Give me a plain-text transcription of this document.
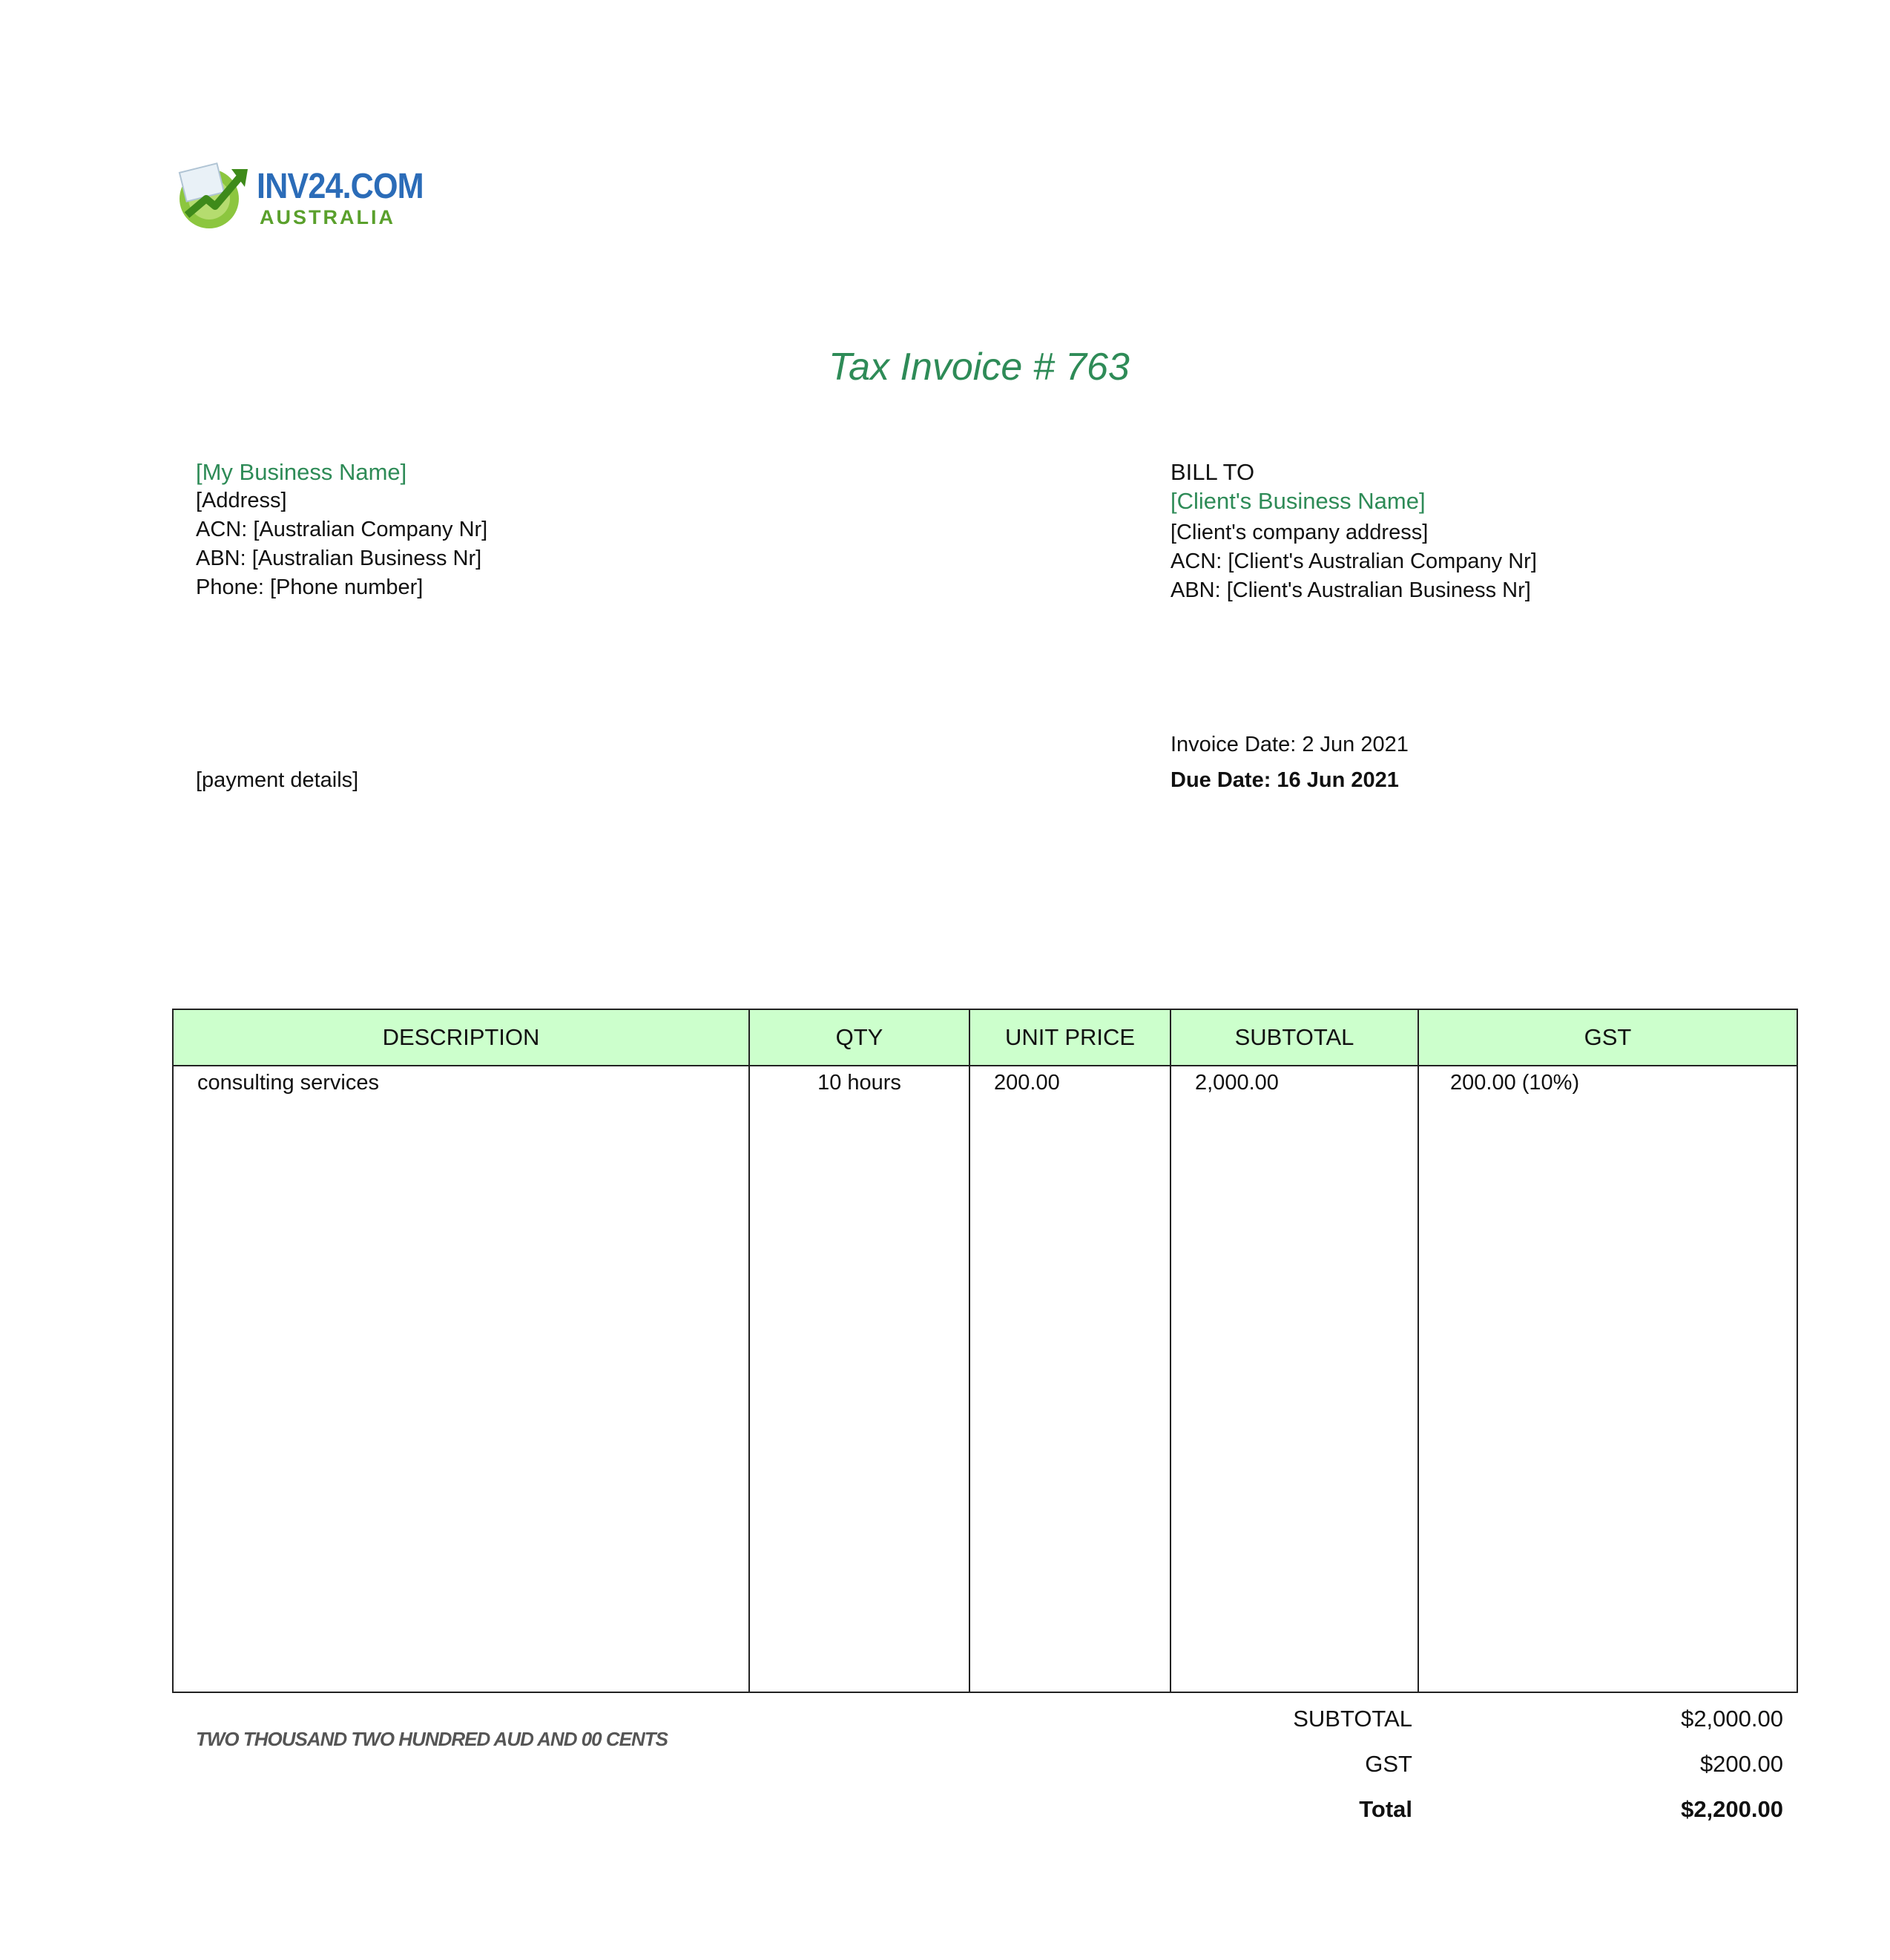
INV24.COM
AUSTRALIA
Tax Invoice # 763
[My Business Name]
[Address]
ACN: [Australian Company Nr]
ABN: [Australian Business Nr]
Phone: [Phone number]
BILL TO
[Client's Business Name]
[Client's company address]
ACN: [Client's Australian Company Nr]
ABN: [Client's Australian Business Nr]
[payment details]
Invoice Date: 2 Jun 2021
Due Date: 16 Jun 2021
DESCRIPTION	QTY	UNIT PRICE	SUBTOTAL	GST
consulting services	10 hours	200.00	2,000.00	200.00 (10%)
TWO THOUSAND TWO HUNDRED AUD AND 00 CENTS
SUBTOTAL	$2,000.00
GST	$200.00
Total	$2,200.00
